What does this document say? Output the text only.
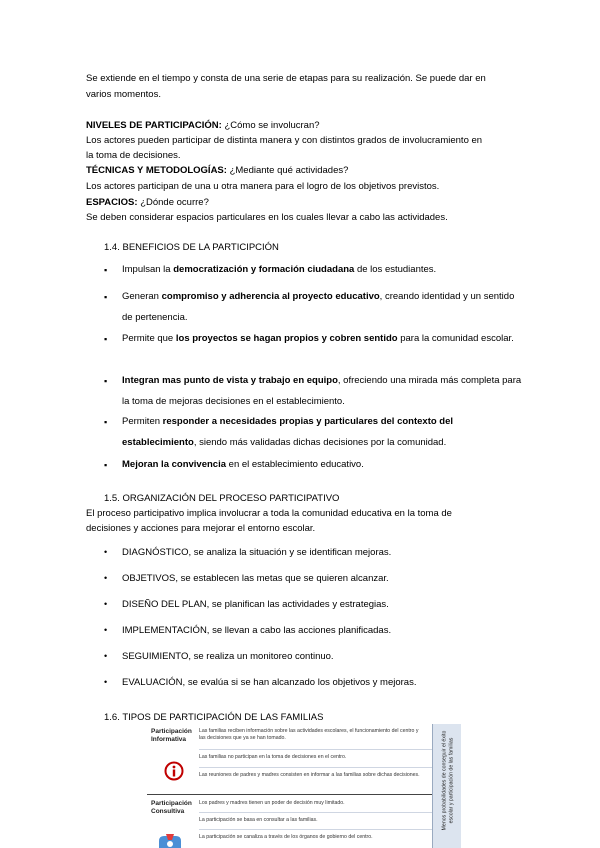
Se extiende en el tiempo y consta de una serie de etapas para su realización. Se puede dar en
varios momentos.
NIVELES DE PARTICIPACIÓN: ¿Cómo se involucran?
Los actores pueden participar de distinta manera y con distintos grados de involucramiento en
la toma de decisiones.
TÉCNICAS Y METODOLOGÍAS: ¿Mediante qué actividades?
Los actores participan de una u otra manera para el logro de los objetivos previstos.
ESPACIOS: ¿Dónde ocurre?
Se deben considerar espacios particulares en los cuales llevar a cabo las actividades.
1.4. BENEFICIOS DE LA PARTICIPCIÓN
▪	Impulsan la democratización y formación ciudadana de los estudiantes.
▪	Generan compromiso y adherencia al proyecto educativo, creando identidad y un sentido de pertenencia.
▪	Permite que los proyectos se hagan propios y cobren sentido para la comunidad escolar.
▪	Integran mas punto de vista y trabajo en equipo, ofreciendo una mirada más completa para la toma de mejoras decisiones en el establecimiento.
▪	Permiten responder a necesidades propias y particulares del contexto del establecimiento, siendo más validadas dichas decisiones por la comunidad.
▪	Mejoran la convivencia en el establecimiento educativo.
1.5. ORGANIZACIÓN DEL PROCESO PARTICIPATIVO
El proceso participativo implica involucrar a toda la comunidad educativa en la toma de
decisiones y acciones para mejorar el entorno escolar.
•	DIAGNÓSTICO, se analiza la situación y se identifican mejoras.
•	OBJETIVOS, se establecen las metas que se quieren alcanzar.
•	DISEÑO DEL PLAN, se planifican las actividades y estrategias.
•	IMPLEMENTACIÓN, se llevan a cabo las acciones planificadas.
•	SEGUIMIENTO, se realiza un monitoreo continuo.
•	EVALUACIÓN, se evalúa si se han alcanzado los objetivos y mejoras.
1.6. TIPOS DE PARTICIPACIÓN DE LAS FAMILIAS
Participación Informativa
Las familias reciben información sobre las actividades escolares, el funcionamiento del centro y las decisiones que ya se han tomado.
Las familias no participan en la toma de decisiones en el centro.
Las reuniones de padres y madres consisten en informar a las familias sobre dichas decisiones.
Participación Consultiva
Los padres y madres tienen un poder de decisión muy limitado.
La participación se basa en consultar a las familias.
La participación se canaliza a través de los órganos de gobierno del centro.
Menos probabilidades de conseguir el éxito escolar y participación de las familias
